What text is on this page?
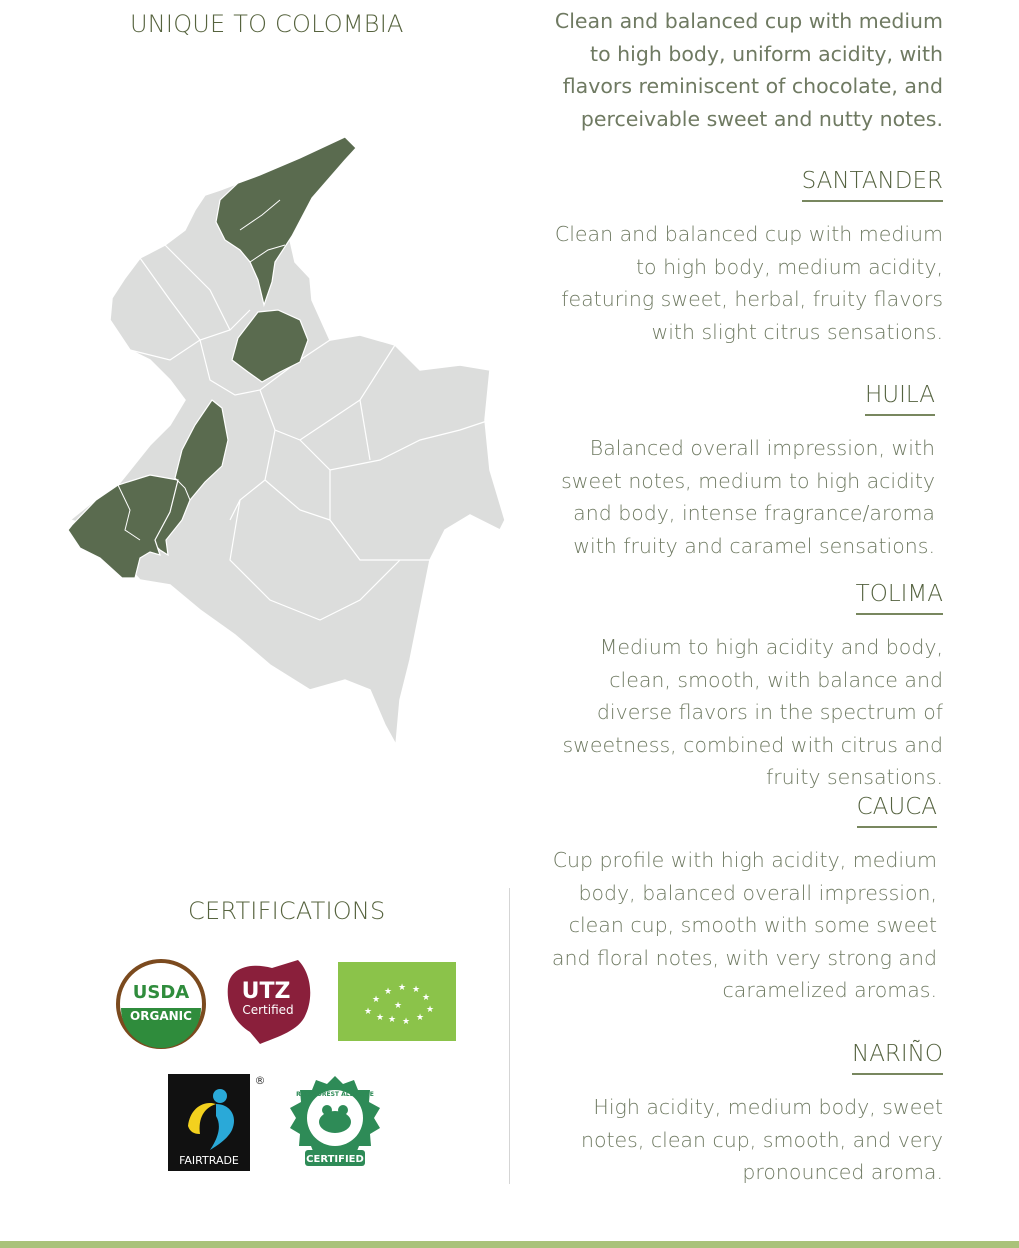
UNIQUE TO COLOMBIA	Clean and balanced cup with medium
to high body, uniform acidity, with
flavors reminiscent of chocolate, and
perceivable sweet and nutty notes.
SANTANDER
Clean and balanced cup with medium
to high body, medium acidity,
featuring sweet, herbal, fruity flavors
with slight citrus sensations.
HUILA
Balanced overall impression, with
sweet notes, medium to high acidity
and body, intense fragrance/aroma
with fruity and caramel sensations.
TOLIMA
Medium to high acidity and body,
clean, smooth, with balance and
diverse flavors in the spectrum of
sweetness, combined with citrus and
fruity sensations.
CAUCA
Cup profile with high acidity, medium
body, balanced overall impression,
clean cup, smooth with some sweet
and floral notes, with very strong and
caramelized aromas.
NARIÑO
High acidity, medium body, sweet
notes, clean cup, smooth, and very
pronounced aroma.
CERTIFICATIONS
USDA
ORGANIC
UTZ
Certified	★
★
★ ★ ★
★
★
★
★
★
★
★
FAIRTRADE
®
RAINFOREST ALLIANCE
CERTIFIED
